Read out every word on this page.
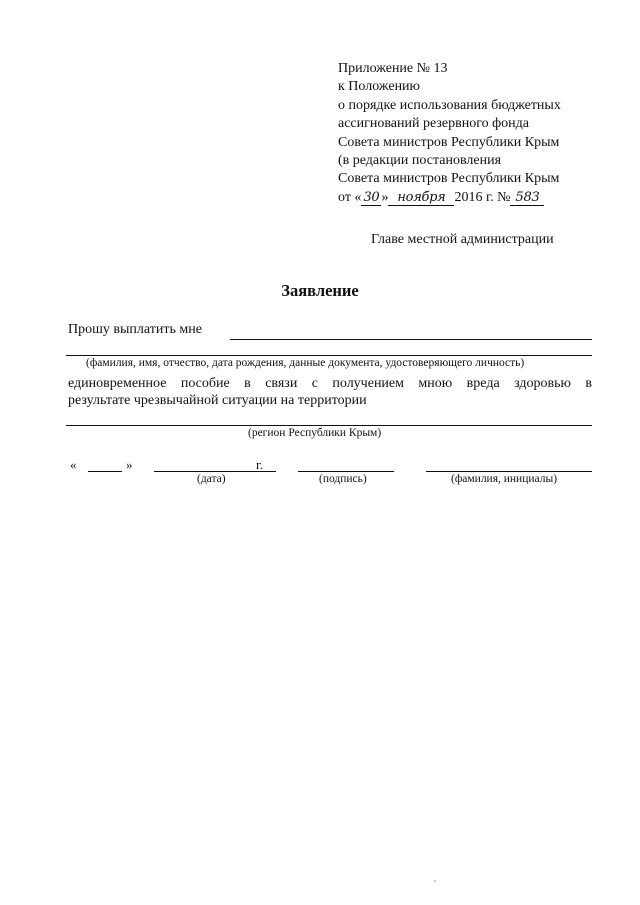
Приложение № 13
к Положению
о порядке использования бюджетных
ассигнований резервного фонда
Совета министров Республики Крым
(в редакции постановления
Совета министров Республики Крым
от « 30 » ноября 2016 г. № 583
Главе местной администрации
Заявление
Прошу выплатить мне
(фамилия, имя, отчество, дата рождения, данные документа, удостоверяющего личность)
единовременное пособие в связи с получением мною вреда здоровью в
результате чрезвычайной ситуации на территории
(регион Республики Крым)
«	»	г.
(дата)	(подпись)	(фамилия, инициалы)
